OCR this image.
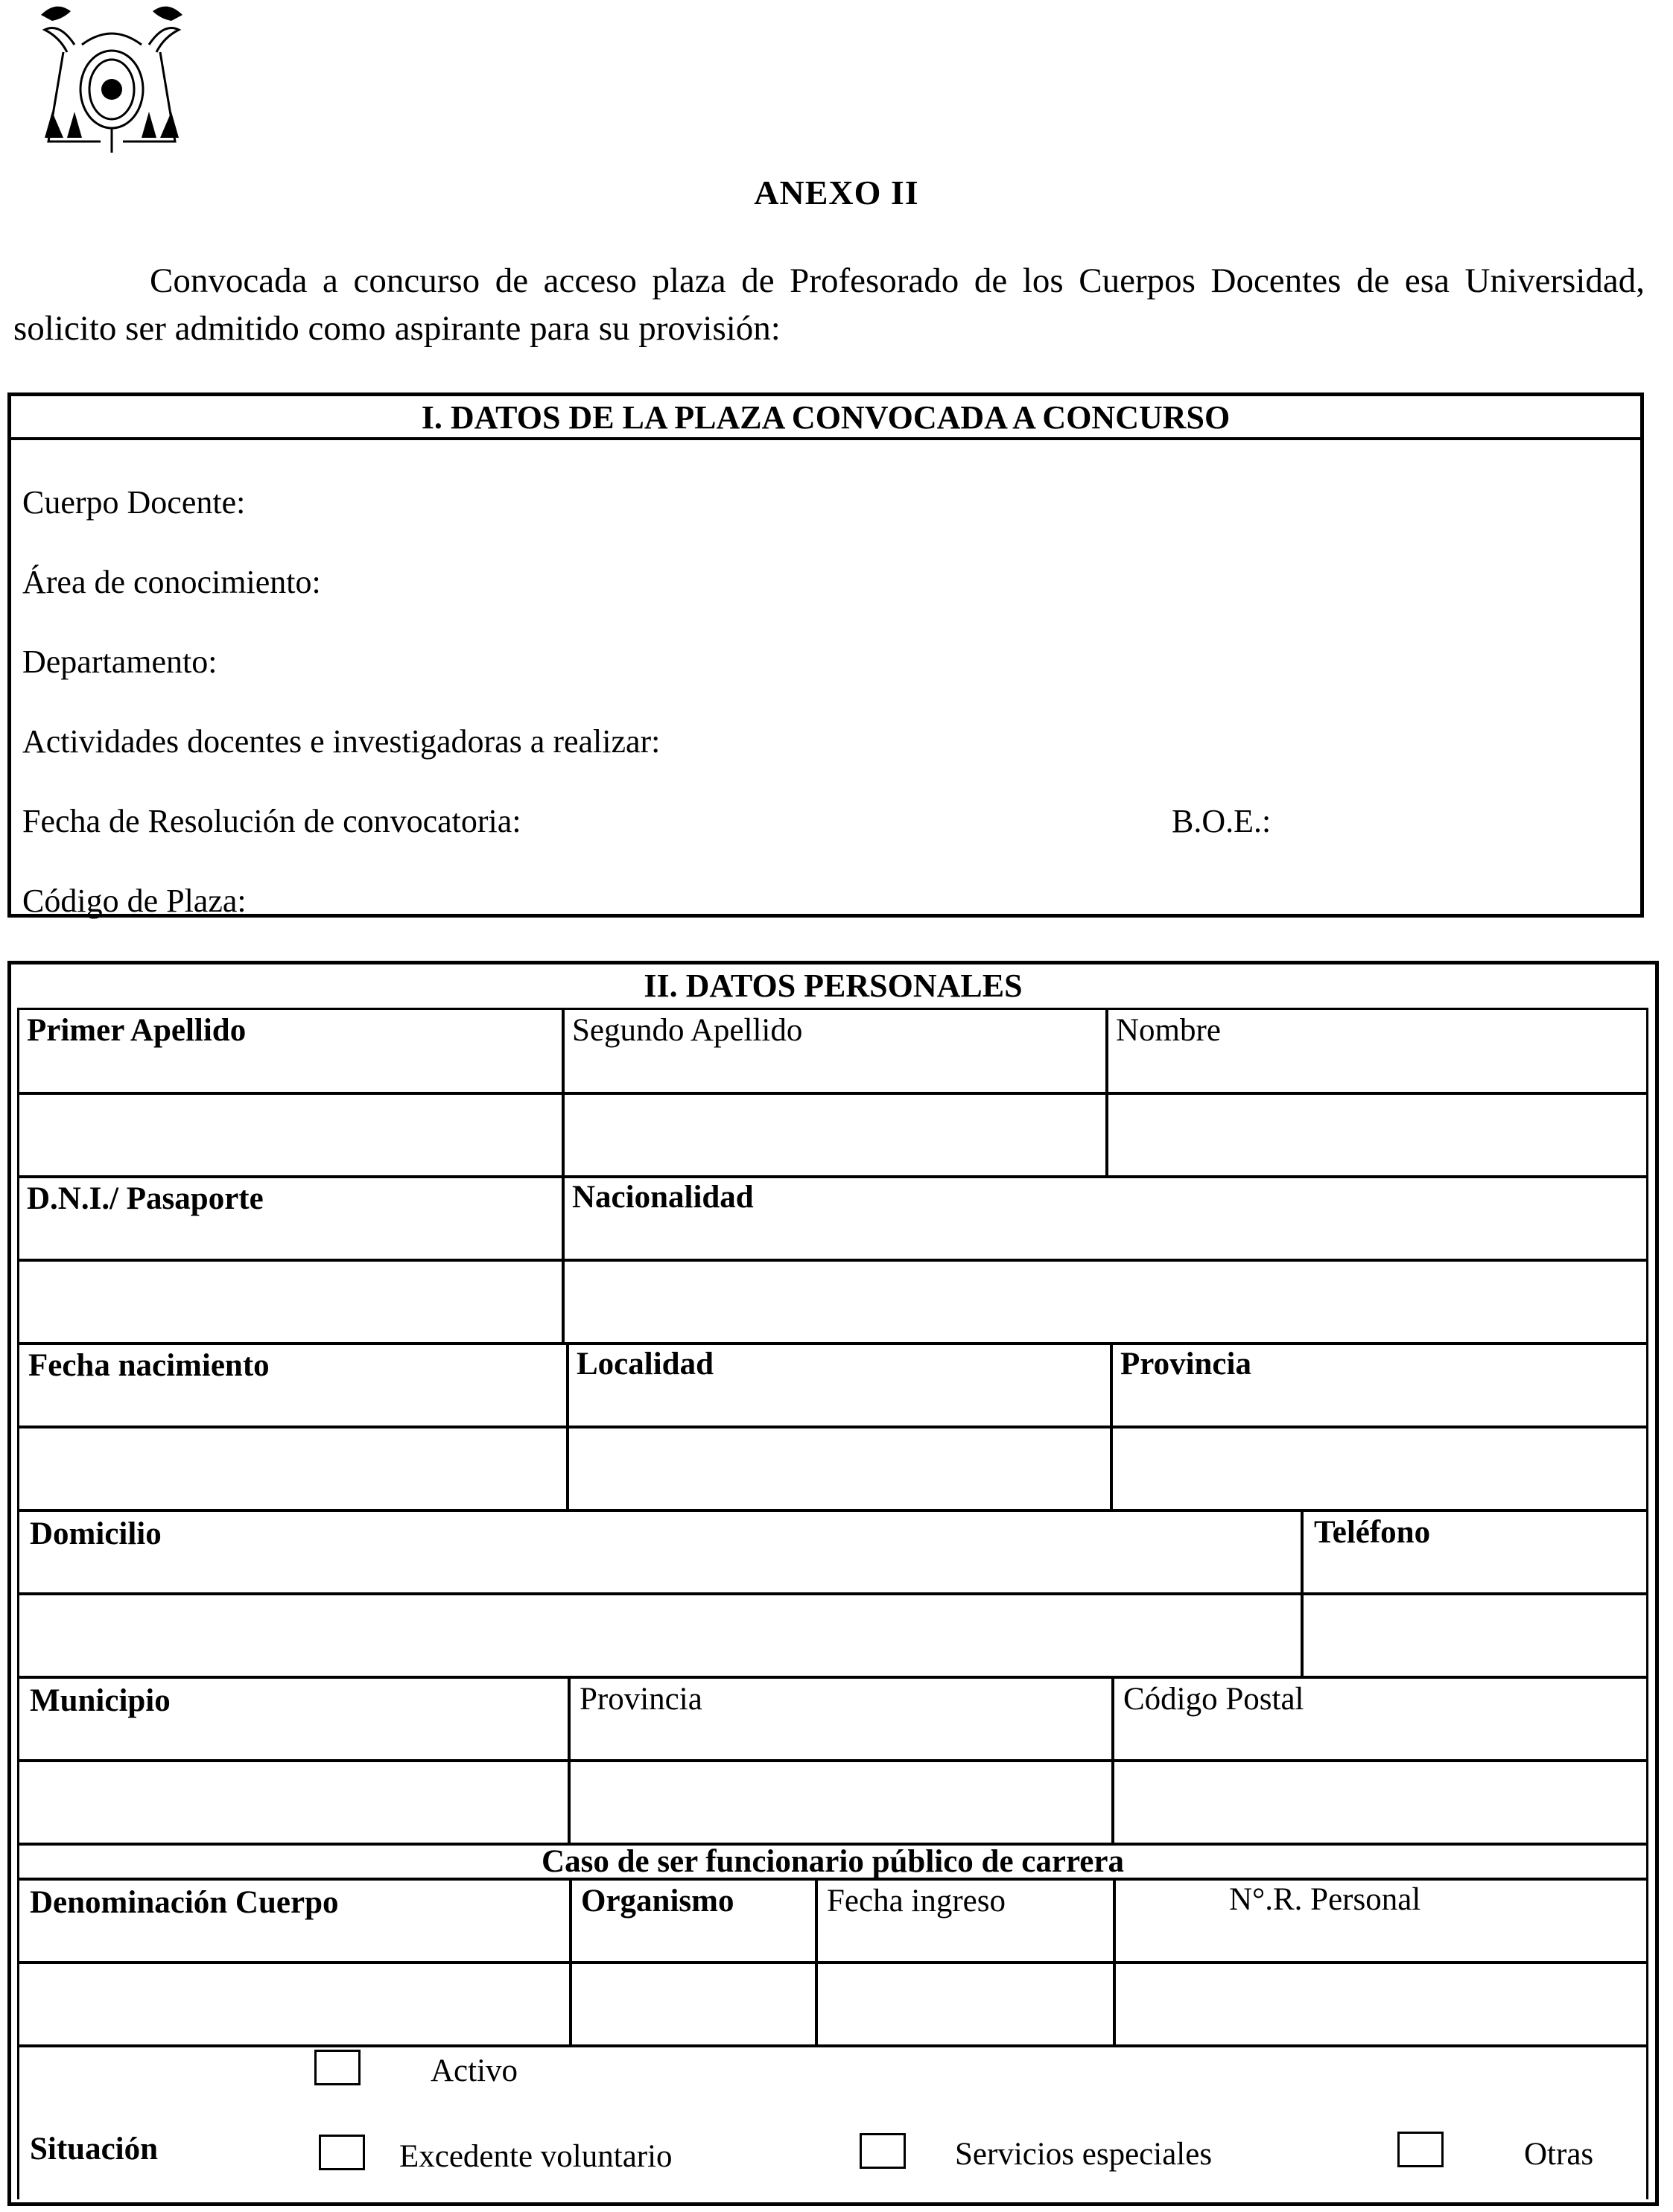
ANEXO II
Convocada a concurso de acceso plaza de Profesorado de los Cuerpos Docentes de esa Universidad, solicito ser admitido como aspirante para su provisión:
I. DATOS DE LA PLAZA CONVOCADA A CONCURSO
Cuerpo Docente:
Área de conocimiento:
Departamento:
Actividades docentes e investigadoras a realizar:
Fecha de Resolución de convocatoria:	B.O.E.:
Código de Plaza:
II. DATOS PERSONALES
Primer Apellido	Segundo Apellido	Nombre
D.N.I./ Pasaporte	Nacionalidad
Fecha nacimiento	Localidad	Provincia
Domicilio	Teléfono
Municipio	Provincia	Código Postal
Caso de ser funcionario público de carrera
Denominación Cuerpo	Organismo	Fecha ingreso	N°.R. Personal
Situación
Activo
Excedente voluntario	Servicios especiales	Otras
